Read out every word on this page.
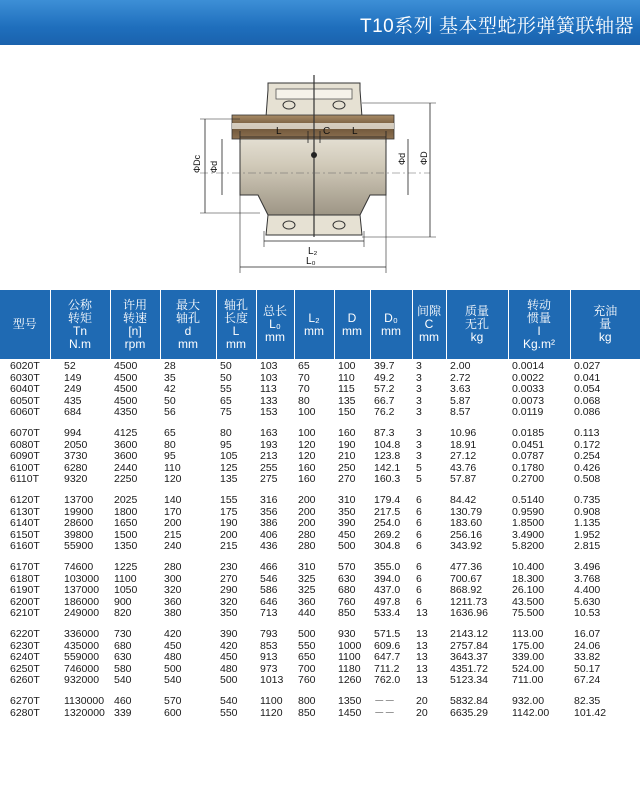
T10系列 基本型蛇形弹簧联轴器
L	C L
ΦDc Φd
Φd ΦD
L₂
L₀
型号	公称
转矩
Tn
N.m	许用
转速
[n]
rpm	最大
轴孔
d
mm	轴孔
长度
L
mm	总长
L₀
mm	L₂
mm	D
mm	D₀
mm	间隙
C
mm	质量
无孔
kg	转动
惯量
I
Kg.m²	充油
量
kg

6020T	52	4500	28	50	103	65	100	39.7	3	2.00	0.0014	0.027
6030T	149	4500	35	50	103	70	110	49.2	3	2.72	0.0022	0.041
6040T	249	4500	42	55	113	70	115	57.2	3	3.63	0.0033	0.054
6050T	435	4500	50	65	133	80	135	66.7	3	5.87	0.0073	0.068
6060T	684	4350	56	75	153	100	150	76.2	3	8.57	0.0119	0.086

6070T	994	4125	65	80	163	100	160	87.3	3	10.96	0.0185	0.113
6080T	2050	3600	80	95	193	120	190	104.8	3	18.91	0.0451	0.172
6090T	3730	3600	95	105	213	120	210	123.8	3	27.12	0.0787	0.254
6100T	6280	2440	110	125	255	160	250	142.1	5	43.76	0.1780	0.426
6110T	9320	2250	120	135	275	160	270	160.3	5	57.87	0.2700	0.508

6120T	13700	2025	140	155	316	200	310	179.4	6	84.42	0.5140	0.735
6130T	19900	1800	170	175	356	200	350	217.5	6	130.79	0.9590	0.908
6140T	28600	1650	200	190	386	200	390	254.0	6	183.60	1.8500	1.135
6150T	39800	1500	215	200	406	280	450	269.2	6	256.16	3.4900	1.952
6160T	55900	1350	240	215	436	280	500	304.8	6	343.92	5.8200	2.815

6170T	74600	1225	280	230	466	310	570	355.0	6	477.36	10.400	3.496
6180T	103000	1100	300	270	546	325	630	394.0	6	700.67	18.300	3.768
6190T	137000	1050	320	290	586	325	680	437.0	6	868.92	26.100	4.400
6200T	186000	900	360	320	646	360	760	497.8	6	1211.73	43.500	5.630
6210T	249000	820	380	350	713	440	850	533.4	13	1636.96	75.500	10.53

6220T	336000	730	420	390	793	500	930	571.5	13	2143.12	113.00	16.07
6230T	435000	680	450	420	853	550	1000	609.6	13	2757.84	175.00	24.06
6240T	559000	630	480	450	913	650	1100	647.7	13	3643.37	339.00	33.82
6250T	746000	580	500	480	973	700	1180	711.2	13	4351.72	524.00	50.17
6260T	932000	540	540	500	1013	760	1260	762.0	13	5123.34	711.00	67.24

6270T	1130000	460	570	540	1100	800	1350	－－	20	5832.84	932.00	82.35
6280T	1320000	339	600	550	1120	850	1450	－－	20	6635.29	1142.00	101.42
